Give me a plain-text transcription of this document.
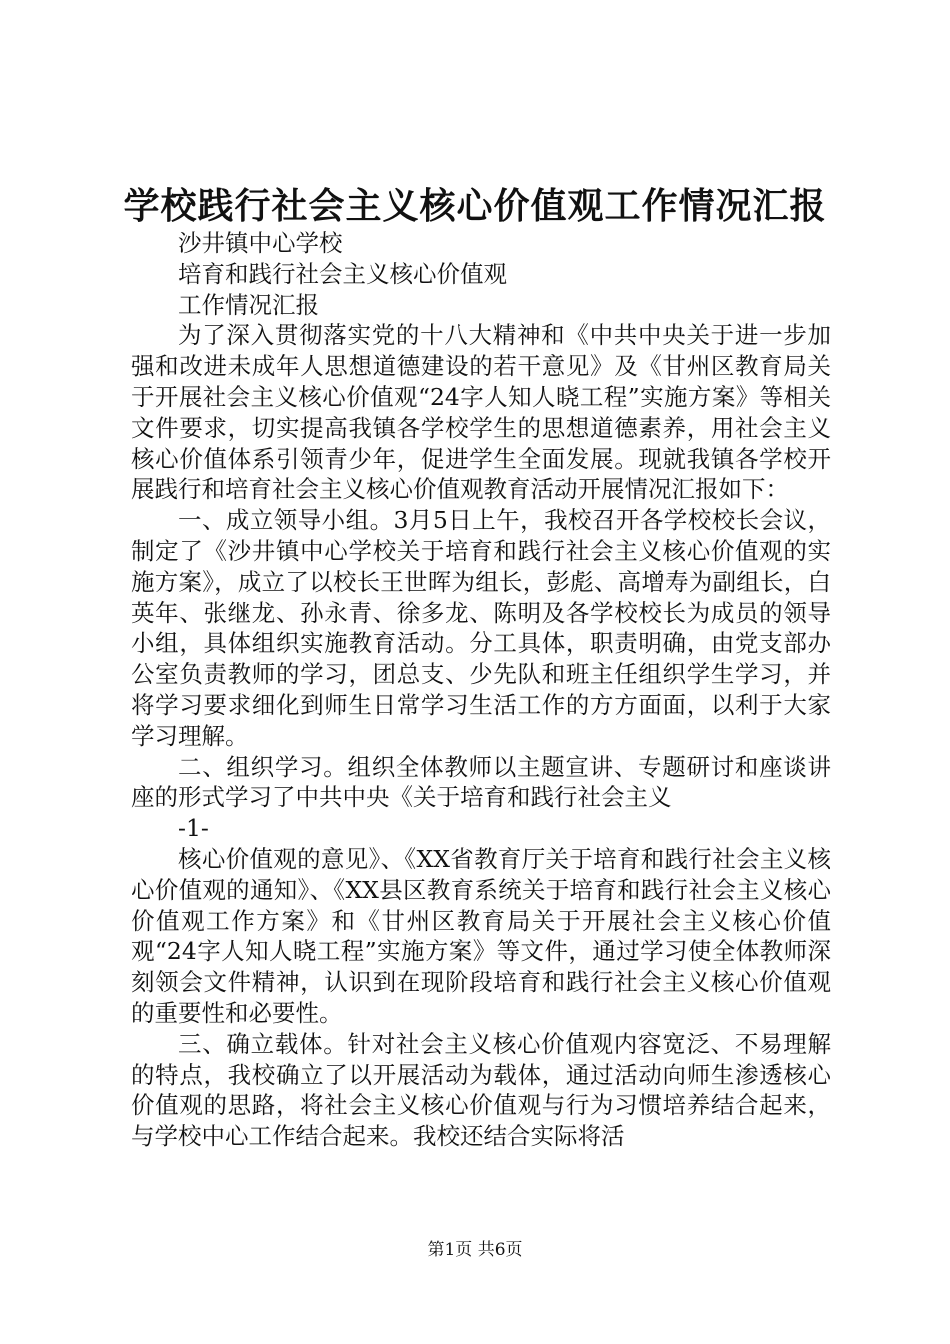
学校践行社会主义核心价值观工作情况汇报

沙井镇中心学校

培育和践行社会主义核心价值观

工作情况汇报

为了深入贯彻落实党的十八大精神和《中共中央关于进一步加强和改进未成年人思想道德建设的若干意见》及《甘州区教育局关于开展社会主义核心价值观“24字人知人晓工程”实施方案》等相关文件要求，切实提高我镇各学校学生的思想道德素养，用社会主义核心价值体系引领青少年，促进学生全面发展。现就我镇各学校开展践行和培育社会主义核心价值观教育活动开展情况汇报如下：

一、成立领导小组。3月5日上午，我校召开各学校校长会议，制定了《沙井镇中心学校关于培育和践行社会主义核心价值观的实施方案》，成立了以校长王世晖为组长，彭彪、高增寿为副组长，白英年、张继龙、孙永青、徐多龙、陈明及各学校校长为成员的领导小组，具体组织实施教育活动。分工具体，职责明确，由党支部办公室负责教师的学习，团总支、少先队和班主任组织学生学习，并将学习要求细化到师生日常学习生活工作的方方面面，以利于大家学习理解。

二、组织学习。组织全体教师以主题宣讲、专题研讨和座谈讲座的形式学习了中共中央《关于培育和践行社会主义

-1-

核心价值观的意见》、《XX省教育厅关于培育和践行社会主义核心价值观的通知》、《XX县区教育系统关于培育和践行社会主义核心价值观工作方案》和《甘州区教育局关于开展社会主义核心价值观“24字人知人晓工程”实施方案》等文件，通过学习使全体教师深刻领会文件精神，认识到在现阶段培育和践行社会主义核心价值观的重要性和必要性。

三、确立载体。针对社会主义核心价值观内容宽泛、不易理解的特点，我校确立了以开展活动为载体，通过活动向师生渗透核心价值观的思路，将社会主义核心价值观与行为习惯培养结合起来，与学校中心工作结合起来。我校还结合实际将活

第1页 共6页
